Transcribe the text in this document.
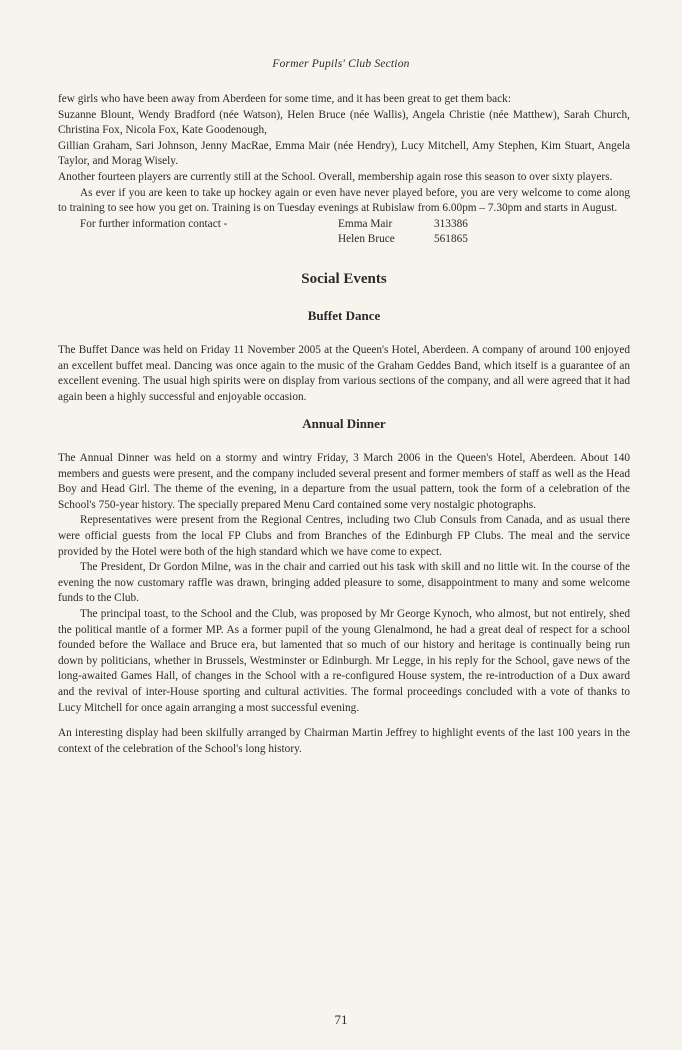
Former Pupils' Club Section

few girls who have been away from Aberdeen for some time, and it has been great to get them back:

Suzanne Blount, Wendy Bradford (née Watson), Helen Bruce (née Wallis), Angela Christie (née Matthew), Sarah Church, Christina Fox, Nicola Fox, Kate Goodenough,

Gillian Graham, Sari Johnson, Jenny MacRae, Emma Mair (née Hendry), Lucy Mitchell, Amy Stephen, Kim Stuart, Angela Taylor, and Morag Wisely.

Another fourteen players are currently still at the School. Overall, membership again rose this season to over sixty players.

As ever if you are keen to take up hockey again or even have never played before, you are very welcome to come along to training to see how you get on. Training is on Tuesday evenings at Rubislaw from 6.00pm – 7.30pm and starts in August.

For further information contact -	Emma Mair	313386
Helen Bruce	561865
Social Events
Buffet Dance

The Buffet Dance was held on Friday 11 November 2005 at the Queen's Hotel, Aberdeen. A company of around 100 enjoyed an excellent buffet meal. Dancing was once again to the music of the Graham Geddes Band, which itself is a guarantee of an excellent evening. The usual high spirits were on display from various sections of the company, and all were agreed that it had again been a highly successful and enjoyable occasion.

Annual Dinner

The Annual Dinner was held on a stormy and wintry Friday, 3 March 2006 in the Queen's Hotel, Aberdeen. About 140 members and guests were present, and the company included several present and former members of staff as well as the Head Boy and Head Girl. The theme of the evening, in a departure from the usual pattern, took the form of a celebration of the School's 750-year history. The specially prepared Menu Card contained some very nostalgic photographs.

Representatives were present from the Regional Centres, including two Club Consuls from Canada, and as usual there were official guests from the local FP Clubs and from Branches of the Edinburgh FP Clubs. The meal and the service provided by the Hotel were both of the high standard which we have come to expect.

The President, Dr Gordon Milne, was in the chair and carried out his task with skill and no little wit. In the course of the evening the now customary raffle was drawn, bringing added pleasure to some, disappointment to many and some welcome funds to the Club.

The principal toast, to the School and the Club, was proposed by Mr George Kynoch, who almost, but not entirely, shed the political mantle of a former MP. As a former pupil of the young Glenalmond, he had a great deal of respect for a school founded before the Wallace and Bruce era, but lamented that so much of our history and heritage is continually being run down by politicians, whether in Brussels, Westminster or Edinburgh. Mr Legge, in his reply for the School, gave news of the long-awaited Games Hall, of changes in the School with a re-configured House system, the re-introduction of a Dux award and the revival of inter-House sporting and cultural activities. The formal proceedings concluded with a vote of thanks to Lucy Mitchell for once again arranging a most successful evening.

An interesting display had been skilfully arranged by Chairman Martin Jeffrey to highlight events of the last 100 years in the context of the celebration of the School's long history.

71
